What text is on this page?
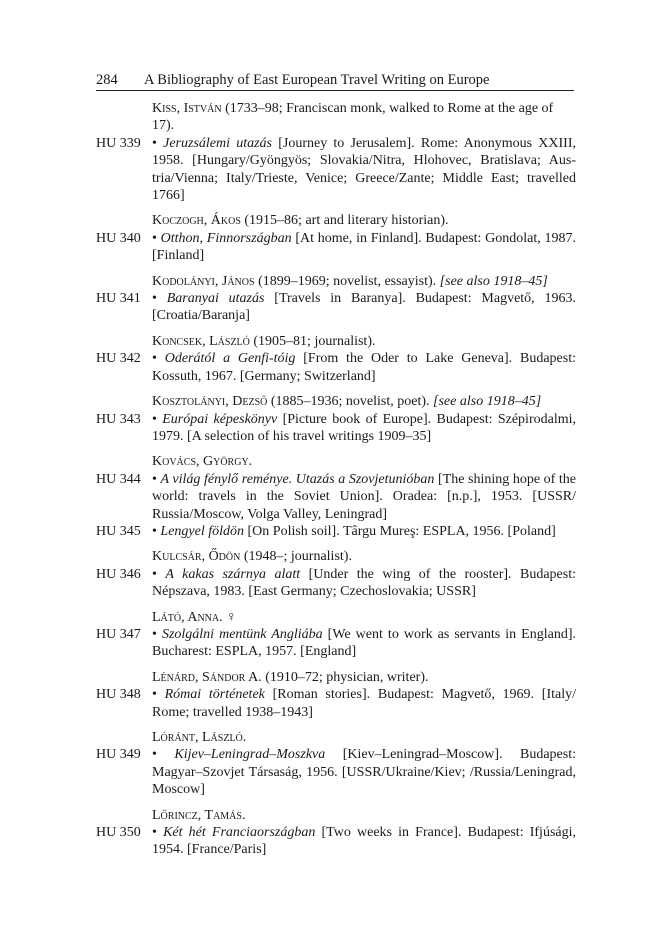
284 A Bibliography of East European Travel Writing on Europe
Kiss, István (1733–98; Franciscan monk, walked to Rome at the age of 17).
HU 339 • Jeruzsálemi utazás [Journey to Jerusalem]. Rome: Anonymous XXIII, 1958. [Hungary/Gyöngyös; Slovakia/Nitra, Hlohovec, Bratislava; Austria/Vienna; Italy/Trieste, Venice; Greece/Zante; Middle East; travelled 1766]
Koczogh, Ákos (1915–86; art and literary historian).
HU 340 • Otthon, Finnországban [At home, in Finland]. Budapest: Gondolat, 1987. [Finland]
Kodolányi, János (1899–1969; novelist, essayist). [see also 1918–45]
HU 341 • Baranyai utazás [Travels in Baranya]. Budapest: Magvető, 1963. [Croatia/Baranja]
Koncsek, László (1905–81; journalist).
HU 342 • Oderától a Genfi-tóig [From the Oder to Lake Geneva]. Budapest: Kossuth, 1967. [Germany; Switzerland]
Kosztolányi, Dezső (1885–1936; novelist, poet). [see also 1918–45]
HU 343 • Európai képeskönyv [Picture book of Europe]. Budapest: Szépirodalmi, 1979. [A selection of his travel writings 1909–35]
Kovács, György.
HU 344 • A világ fénylő reménye. Utazás a Szovjetunióban [The shining hope of the world: travels in the Soviet Union]. Oradea: [n.p.], 1953. [USSR/ Russia/Moscow, Volga Valley, Leningrad]
HU 345 • Lengyel földön [On Polish soil]. Târgu Mureş: ESPLA, 1956. [Poland]
Kulcsár, Ődön (1948–; journalist).
HU 346 • A kakas szárnya alatt [Under the wing of the rooster]. Budapest: Népszava, 1983. [East Germany; Czechoslovakia; USSR]
Látó, Anna. ♀
HU 347 • Szolgálni mentünk Angliába [We went to work as servants in England]. Bucharest: ESPLA, 1957. [England]
Lénárd, Sándor A. (1910–72; physician, writer).
HU 348 • Római történetek [Roman stories]. Budapest: Magvető, 1969. [Italy/ Rome; travelled 1938–1943]
Lóránt, László.
HU 349 • Kijev–Leningrad–Moszkva [Kiev–Leningrad–Moscow]. Budapest: Magyar–Szovjet Társaság, 1956. [USSR/Ukraine/Kiev; /Russia/Leningrad, Moscow]
Lőrincz, Tamás.
HU 350 • Két hét Franciaországban [Two weeks in France]. Budapest: Ifjúsági, 1954. [France/Paris]
